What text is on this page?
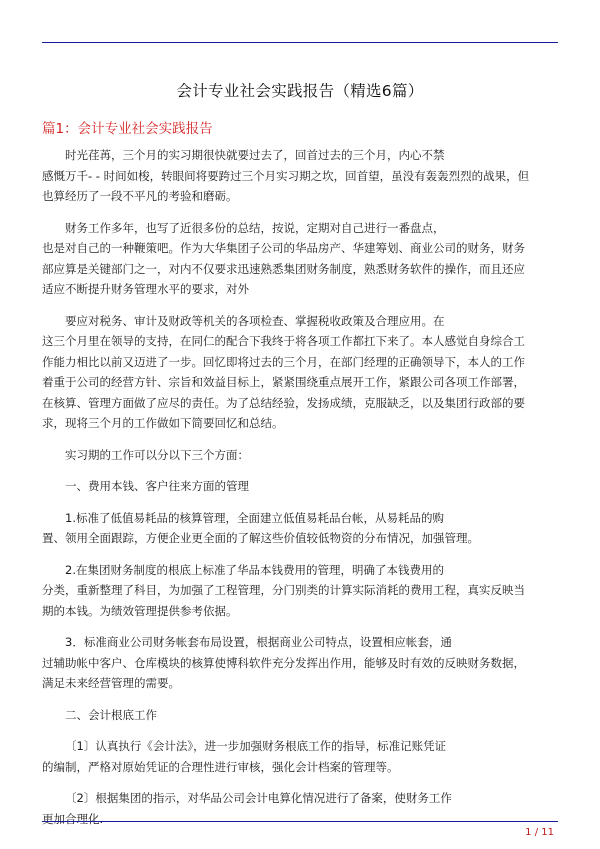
会计专业社会实践报告（精选6篇）
篇1：会计专业社会实践报告

时光荏苒，三个月的实习期很快就要过去了，回首过去的三个月，内心不禁
感慨万千- - 时间如梭，转眼间将要跨过三个月实习期之坎，回首望，虽没有轰轰烈烈的战果，但
也算经历了一段不平凡的考验和磨砺。

财务工作多年，也写了近很多份的总结，按说，定期对自己进行一番盘点，
也是对自己的一种鞭策吧。作为大华集团子公司的华品房产、华建筹划、商业公司的财务，财务
部应算是关键部门之一，对内不仅要求迅速熟悉集团财务制度，熟悉财务软件的操作，而且还应
适应不断提升财务管理水平的要求，对外

要应对税务、审计及财政等机关的各项检查、掌握税收政策及合理应用。在
这三个月里在领导的支持，在同仁的配合下我终于将各项工作都扛下来了。本人感觉自身综合工
作能力相比以前又迈进了一步。回忆即将过去的三个月，在部门经理的正确领导下，本人的工作
着重于公司的经营方针、宗旨和效益目标上，紧紧围绕重点展开工作，紧跟公司各项工作部署，
在核算、管理方面做了应尽的责任。为了总结经验，发扬成绩，克服缺乏，以及集团行政部的要
求，现将三个月的工作做如下简要回忆和总结。

实习期的工作可以分以下三个方面：

一、费用本钱、客户往来方面的管理

1.标准了低值易耗品的核算管理，全面建立低值易耗品台帐，从易耗品的购
置、领用全面跟踪，方便企业更全面的了解这些价值较低物资的分布情况，加强管理。

2.在集团财务制度的根底上标准了华品本钱费用的管理，明确了本钱费用的
分类，重新整理了科目，为加强了工程管理，分门别类的计算实际消耗的费用工程，真实反映当
期的本钱。为绩效管理提供参考依据。

3．标准商业公司财务帐套布局设置，根据商业公司特点，设置相应帐套，通
过辅助帐中客户、仓库模块的核算使博科软件充分发挥出作用，能够及时有效的反映财务数据，
满足未来经营管理的需要。

二、会计根底工作

〔1〕认真执行《会计法》，进一步加强财务根底工作的指导，标准记账凭证
的编制，严格对原始凭证的合理性进行审核，强化会计档案的管理等。

〔2〕根据集团的指示，对华品公司会计电算化情况进行了备案，使财务工作
更加合理化.

1 / 11
